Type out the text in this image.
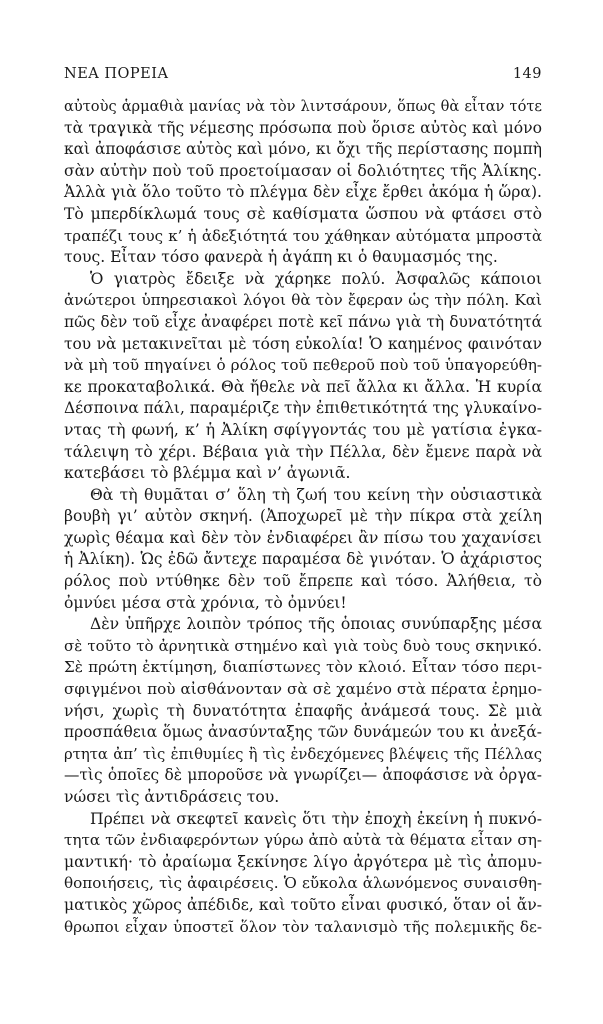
ΝΕΑ ΠΟΡΕΙΑ	149
αὐτοὺς ἁρμαθιὰ μανίας νὰ τὸν λιντσάρουν, ὅπως θὰ εἶταν τότε
τὰ τραγικὰ τῆς νέμεσης πρόσωπα ποὺ ὅρισε αὐτὸς καὶ μόνο
καὶ ἀποφάσισε αὐτὸς καὶ μόνο, κι ὄχι τῆς περίστασης πομπὴ
σὰν αὐτὴν ποὺ τοῦ προετοίμασαν οἱ δολιότητες τῆς Ἀλίκης.
Ἀλλὰ γιὰ ὅλο τοῦτο τὸ πλέγμα δὲν εἶχε ἔρθει ἀκόμα ἡ ὥρα).
Τὸ μπερδίκλωμά τους σὲ καθίσματα ὥσπου νὰ φτάσει στὸ
τραπέζι τους κ’ ἡ ἀδεξιότητά του χάθηκαν αὐτόματα μπροστὰ
τους. Εἶταν τόσο φανερὰ ἡ ἀγάπη κι ὁ θαυμασμός της.
Ὁ γιατρὸς ἔδειξε νὰ χάρηκε πολύ. Ἀσφαλῶς κάποιοι
ἀνώτεροι ὑπηρεσιακοὶ λόγοι θὰ τὸν ἔφεραν ὡς τὴν πόλη. Καὶ
πῶς δὲν τοῦ εἶχε ἀναφέρει ποτὲ κεῖ πάνω γιὰ τὴ δυνατότητά
του νὰ μετακινεῖται μὲ τόση εὐκολία! Ὁ καημένος φαινόταν
νὰ μὴ τοῦ πηγαίνει ὁ ρόλος τοῦ πεθεροῦ ποὺ τοῦ ὑπαγορεύθη-
κε προκαταβολικά. Θὰ ἤθελε νὰ πεῖ ἄλλα κι ἄλλα. Ἡ κυρία
Δέσποινα πάλι, παραμέριζε τὴν ἐπιθετικότητά της γλυκαίνο-
ντας τὴ φωνή, κ’ ἡ Ἀλίκη σφίγγοντάς του μὲ γατίσια ἐγκα-
τάλειψη τὸ χέρι. Βέβαια γιὰ τὴν Πέλλα, δὲν ἔμενε παρὰ νὰ
κατεβάσει τὸ βλέμμα καὶ ν’ ἀγωνιᾶ.
Θὰ τὴ θυμᾶται σ’ ὅλη τὴ ζωή του κείνη τὴν οὐσιαστικὰ
βουβὴ γι’ αὐτὸν σκηνή. (Ἀποχωρεῖ μὲ τὴν πίκρα στὰ χείλη
χωρὶς θέαμα καὶ δὲν τὸν ἐνδιαφέρει ἂν πίσω του χαχανίσει
ἡ Ἀλίκη). Ὡς ἐδῶ ἄντεχε παραμέσα δὲ γινόταν. Ὁ ἀχάριστος
ρόλος ποὺ ντύθηκε δὲν τοῦ ἔπρεπε καὶ τόσο. Ἀλήθεια, τὸ
ὀμνύει μέσα στὰ χρόνια, τὸ ὀμνύει!
Δὲν ὑπῆρχε λοιπὸν τρόπος τῆς ὁποιας συνύπαρξης μέσα
σὲ τοῦτο τὸ ἀρνητικὰ στημένο καὶ γιὰ τοὺς δυὸ τους σκηνικό.
Σὲ πρώτη ἐκτίμηση, διαπίστωνες τὸν κλοιό. Εἶταν τόσο περι-
σφιγμένοι ποὺ αἰσθάνονταν σὰ σὲ χαμένο στὰ πέρατα ἐρημο-
νήσι, χωρὶς τὴ δυνατότητα ἐπαφῆς ἀνάμεσά τους. Σὲ μιὰ
προσπάθεια ὅμως ἀνασύνταξης τῶν δυνάμεών του κι ἀνεξά-
ρτητα ἀπ’ τὶς ἐπιθυμίες ἢ τὶς ἐνδεχόμενες βλέψεις τῆς Πέλλας
—τὶς ὁποῖες δὲ μποροῦσε νὰ γνωρίζει— ἀποφάσισε νὰ ὀργα-
νώσει τὶς ἀντιδράσεις του.
Πρέπει νὰ σκεφτεῖ κανεὶς ὅτι τὴν ἐποχὴ ἐκείνη ἡ πυκνό-
τητα τῶν ἐνδιαφερόντων γύρω ἀπὸ αὐτὰ τὰ θέματα εἶταν ση-
μαντική· τὸ ἀραίωμα ξεκίνησε λίγο ἀργότερα μὲ τὶς ἀπομυ-
θοποιήσεις, τὶς ἀφαιρέσεις. Ὁ εὔκολα ἁλωνόμενος συναισθη-
ματικὸς χῶρος ἀπέδιδε, καὶ τοῦτο εἶναι φυσικό, ὅταν οἱ ἄν-
θρωποι εἶχαν ὑποστεῖ ὅλον τὸν ταλανισμὸ τῆς πολεμικῆς δε-
